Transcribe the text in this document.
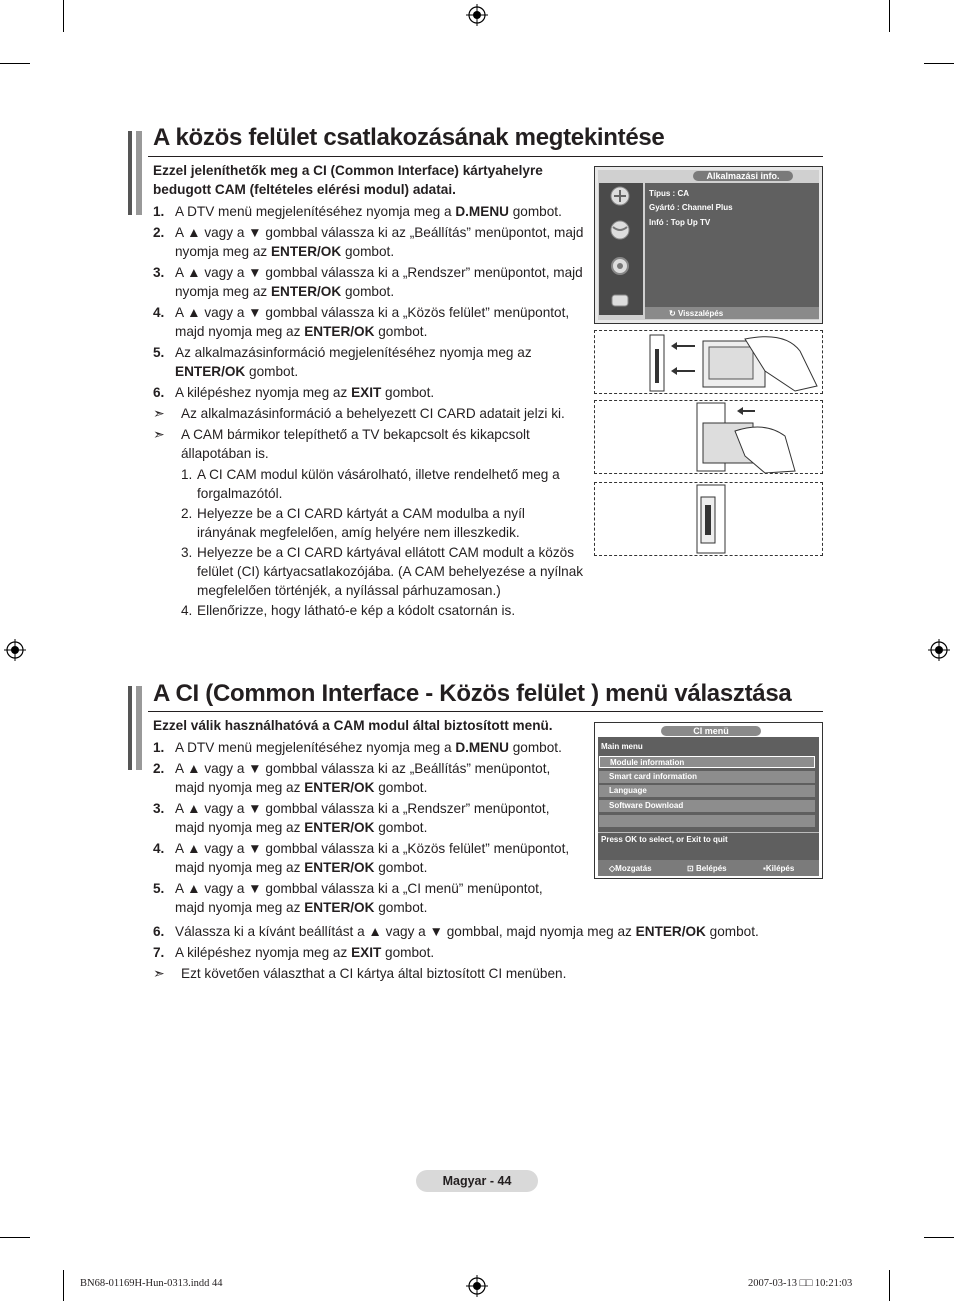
A közös felület csatlakozásának megtekintése
Ezzel jeleníthetők meg a CI (Common Interface) kártyahelyre bedugott CAM (feltételes elérési modul) adatai.
1. A DTV menü megjelenítéséhez nyomja meg a D.MENU gombot.
2. A ▲ vagy a ▼ gombbal válassza ki az „Beállítás” menüpontot, majd nyomja meg az ENTER/OK gombot.
3. A ▲ vagy a ▼ gombbal válassza ki a „Rendszer” menüpontot, majd nyomja meg az ENTER/OK gombot.
4. A ▲ vagy a ▼ gombbal válassza ki a „Közös felület” menüpontot, majd nyomja meg az ENTER/OK gombot.
5. Az alkalmazásinformáció megjelenítéséhez nyomja meg az ENTER/OK gombot.
6. A kilépéshez nyomja meg az EXIT gombot.
➣ Az alkalmazásinformáció a behelyezett CI CARD adatait jelzi ki.
➣ A CAM bármikor telepíthető a TV bekapcsolt és kikapcsolt állapotában is.
1. A CI CAM modul külön vásárolható, illetve rendelhető meg a forgalmazótól.
2. Helyezze be a CI CARD kártyát a CAM modulba a nyíl irányának megfelelően, amíg helyére nem illeszkedik.
3. Helyezze be a CI CARD kártyával ellátott CAM modult a közös felület (CI) kártyacsatlakozójába. (A CAM behelyezése a nyílnak megfelelően történjék, a nyílással párhuzamosan.)
4. Ellenőrizze, hogy látható-e kép a kódolt csatornán is.
Alkalmazási info.
Típus : CA
Gyártó : Channel Plus
Infó : Top Up TV
↻ Visszalépés
A CI (Common Interface - Közös felület ) menü választása
Ezzel válik használhatóvá a CAM modul által biztosított menü.
1. A DTV menü megjelenítéséhez nyomja meg a D.MENU gombot.
2. A ▲ vagy a ▼ gombbal válassza ki az „Beállítás” menüpontot, majd nyomja meg az ENTER/OK gombot.
3. A ▲ vagy a ▼ gombbal válassza ki a „Rendszer” menüpontot, majd nyomja meg az ENTER/OK gombot.
4. A ▲ vagy a ▼ gombbal válassza ki a „Közös felület” menüpontot, majd nyomja meg az ENTER/OK gombot.
5. A ▲ vagy a ▼ gombbal válassza ki a „CI menü” menüpontot, majd nyomja meg az ENTER/OK gombot.
6. Válassza ki a kívánt beállítást a ▲ vagy a ▼ gombbal, majd nyomja meg az ENTER/OK gombot.
7. A kilépéshez nyomja meg az EXIT gombot.
➣ Ezt követően választhat a CI kártya által biztosított CI menüben.
CI menü
Main menu
Module information
Smart card information
Language
Software Download
Press OK to select, or Exit to quit
◇Mozgatás	⊡ Belépés	▪Kilépés
Magyar - 44
BN68-01169H-Hun-0313.indd 44	2007-03-13 □□ 10:21:03
